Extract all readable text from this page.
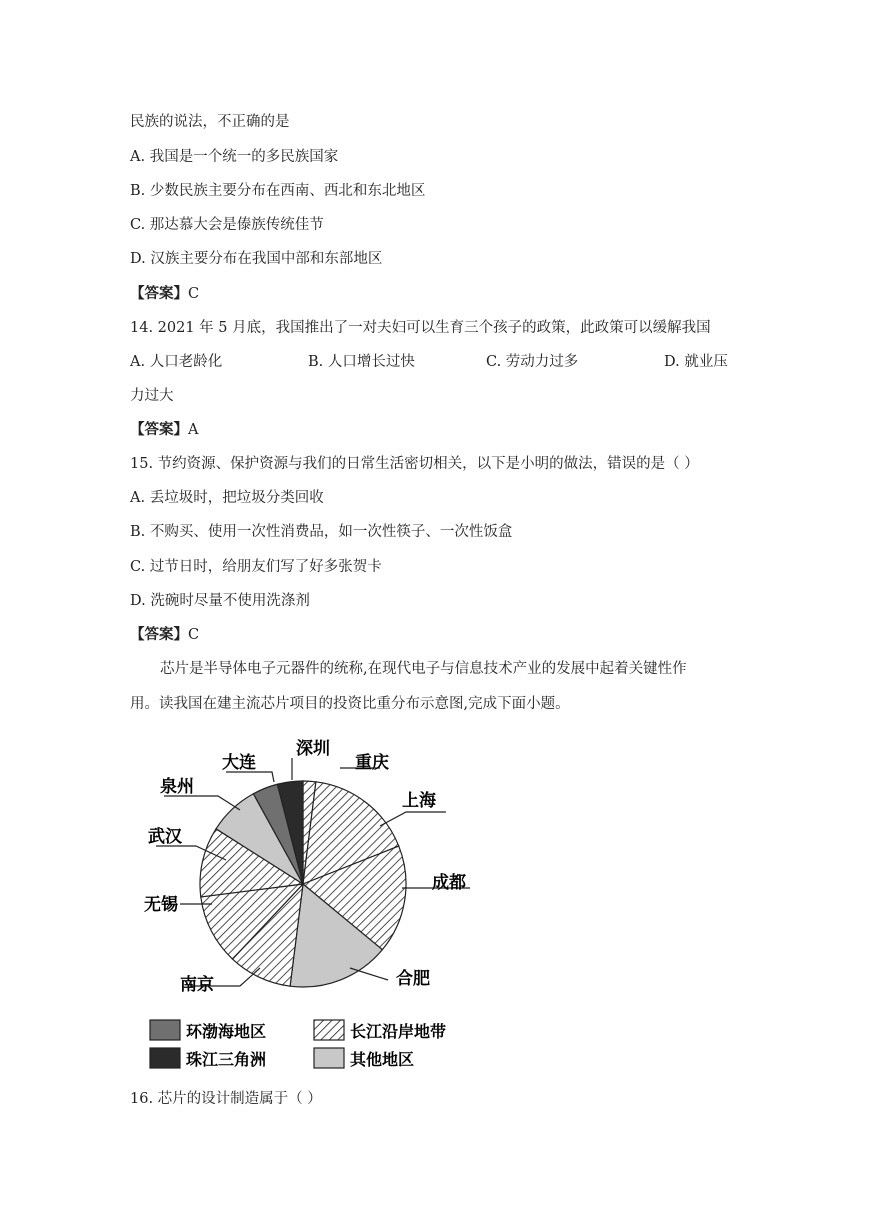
民族的说法，不正确的是
A. 我国是一个统一的多民族国家
B. 少数民族主要分布在西南、西北和东北地区
C. 那达慕大会是傣族传统佳节
D. 汉族主要分布在我国中部和东部地区
【答案】C
14. 2021 年 5 月底，我国推出了一对夫妇可以生育三个孩子的政策，此政策可以缓解我国
A. 人口老龄化	B. 人口增长过快	C. 劳动力过多	D. 就业压
力过大
【答案】A
15. 节约资源、保护资源与我们的日常生活密切相关，以下是小明的做法，错误的是（ ）
A. 丢垃圾时，把垃圾分类回收
B. 不购买、使用一次性消费品，如一次性筷子、一次性饭盒
C. 过节日时，给朋友们写了好多张贺卡
D. 洗碗时尽量不使用洗涤剂
【答案】C
芯片是半导体电子元器件的统称,在现代电子与信息技术产业的发展中起着关键性作
用。读我国在建主流芯片项目的投资比重分布示意图,完成下面小题。
重庆
上海
成都
合肥
南京
无锡
武汉
泉州
大连
深圳
环渤海地区	长江沿岸地带
珠江三角洲	其他地区
16. 芯片的设计制造属于（ ）
